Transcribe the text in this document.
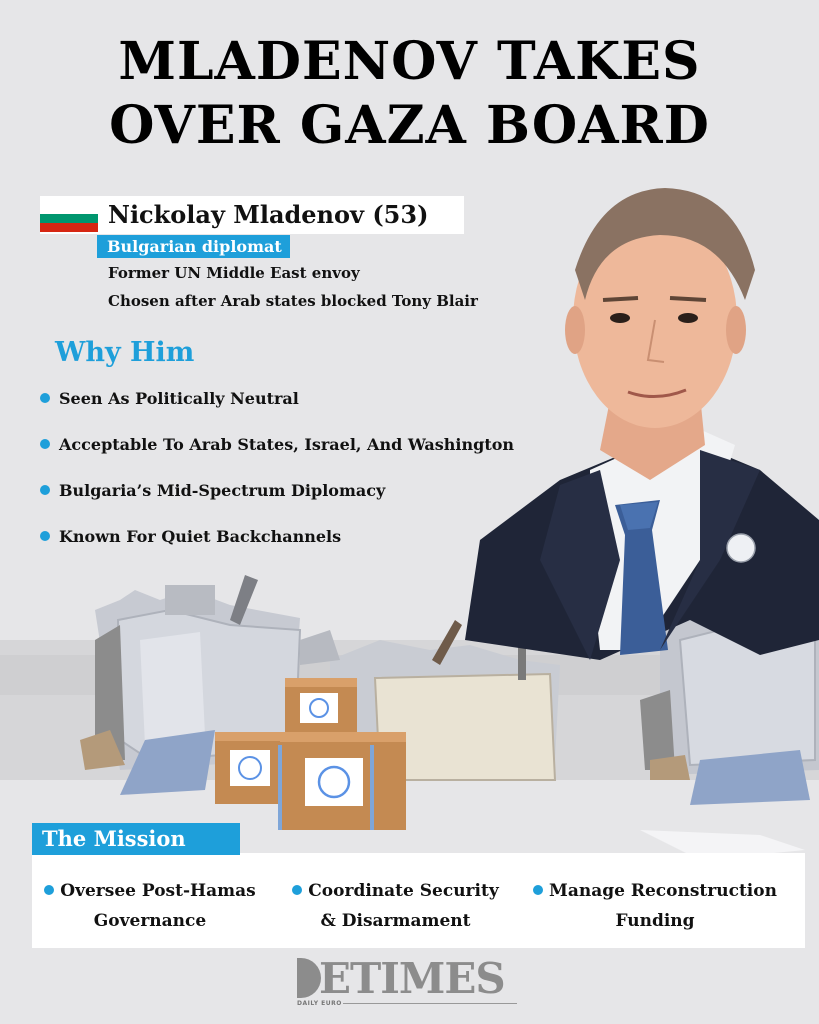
MLADENOV TAKES
OVER GAZA BOARD
Nickolay Mladenov (53)
Bulgarian diplomat
Former UN Middle East envoy
Chosen after Arab states blocked Tony Blair
Why Him
Seen As Politically Neutral
Acceptable To Arab States, Israel, And Washington
Bulgaria’s Mid-Spectrum Diplomacy
Known For Quiet Backchannels
The Mission
Oversee Post-Hamas
Governance
Coordinate Security
& Disarmament
Manage Reconstruction
Funding
ETIMES
DAILY EURO
